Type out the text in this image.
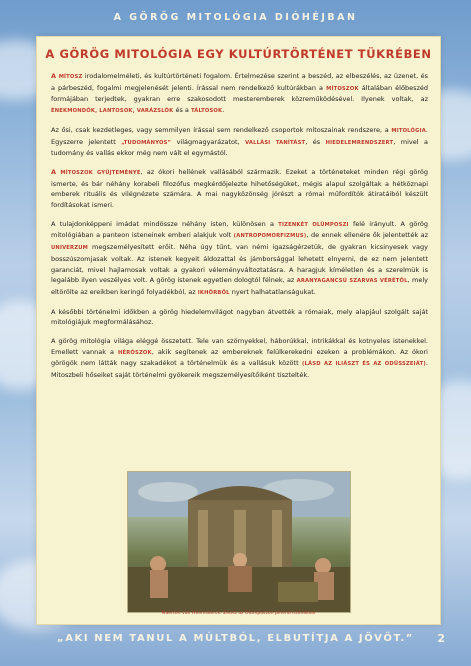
A GÖRÖG MITOLÓGIA DIÓHÉJBAN
A GÖRÖG MITOLÓGIA EGY KULTÚRTÖRTÉNET TÜKRÉBEN

A MÍTOSZ irodalomelméleti, és kultúrtörténeti fogalom. Értelmezése szerint a beszéd, az elbeszélés, az üzenet, és a párbeszéd, fogalmi megjelenését jelenti. Írással nem rendelkező kultúrákban a MÍTOSZOK általában élőbeszéd formájában terjedtek, gyakran erre szakosodott mesteremberek közreműködésével. Ilyenek voltak, az ÉNEKMONDÓK, LANTOSOK, VARÁZSLÓK és a TÁLTOSOK.

Az ősi, csak kezdetleges, vagy semmilyen írással sem rendelkező csoportok mítoszainak rendszere, a MITOLÓGIA. Egyszerre jelentett „TUDOMÁNYOS” világmagyarázatot, VALLÁSI TANÍTÁST, és HIEDELEMRENDSZERT, mivel a tudomány és vallás ekkor még nem vált el egymástól.

A MÍTOSZOK GYŰJTEMÉNYE, az ókori hellének vallásából származik. Ezeket a történeteket minden régi görög ismerte, és bár néhány korabeli filozófus megkérdőjelezte hihetőségüket, mégis alapul szolgáltak a hétköznapi emberek rituális és vilégnézete számára. A mai nagyközönség jórészt a római műfordítók átiratáiból készült fordításokat ismeri.

A tulajdonképpeni imádat mindössze néhány isten, különösen a TIZENKÉT OLÜMPOSZI felé irányult. A görög mitológiában a panteon isteneinek emberi alakjuk volt (ANTROPOMORFIZMUS), de ennek ellenére ők jelentették az UNIVERZUM megszemélyesített erőit. Néha úgy tűnt, van némi igazságérzetük, de gyakran kicsinyesek vagy bosszúszomjasak voltak. Az istenek kegyeit áldozattal és jámborsággal lehetett elnyerni, de ez nem jelentett garanciát, mivel hajlamosak voltak a gyakori véleményváltoztatásra. A haragjuk kíméletlen és a szerelmük is legalább ilyen veszélyes volt. A görög istenek egyetlen dologtól félnek, az ARANYAGANCSÚ SZARVAS VÉRÉTŐL, mely eltörölte az ereikben keringő folyadékból, az IKHŐRBŐL nyert halhatatlanságukat.

A későbbi történelmi időkben a görög hiedelemvilágot nagyban átvették a rómaiak, mely alapjául szolgált saját mitológiájuk megformálásához.

A görög mitológia világa eléggé összetett. Tele van szörnyekkel, háborúkkal, intrikákkal és kotnyeles istenekkel. Emellett vannak a HÉRÓSZOK, akik segítenek az embereknek felülkerekedni ezeken a problémákon. Az ókori görögök nem látták nagy szakadékot a történelmük és a vallásuk között (LÁSD AZ ILIÁSZT ÉS AZ ODÜSSZEIÁT). Mitoszbeli hőseiket saját történelmi gyökereik megszemélyesítőiként tisztelték.

Maerten van Heemskerck: Zeusz az Olümposzon pihenő istenekkel
„AKI NEM TANUL A MÚLTBÓL, ELBUTÍTJA A JÖVŐT.”	2
